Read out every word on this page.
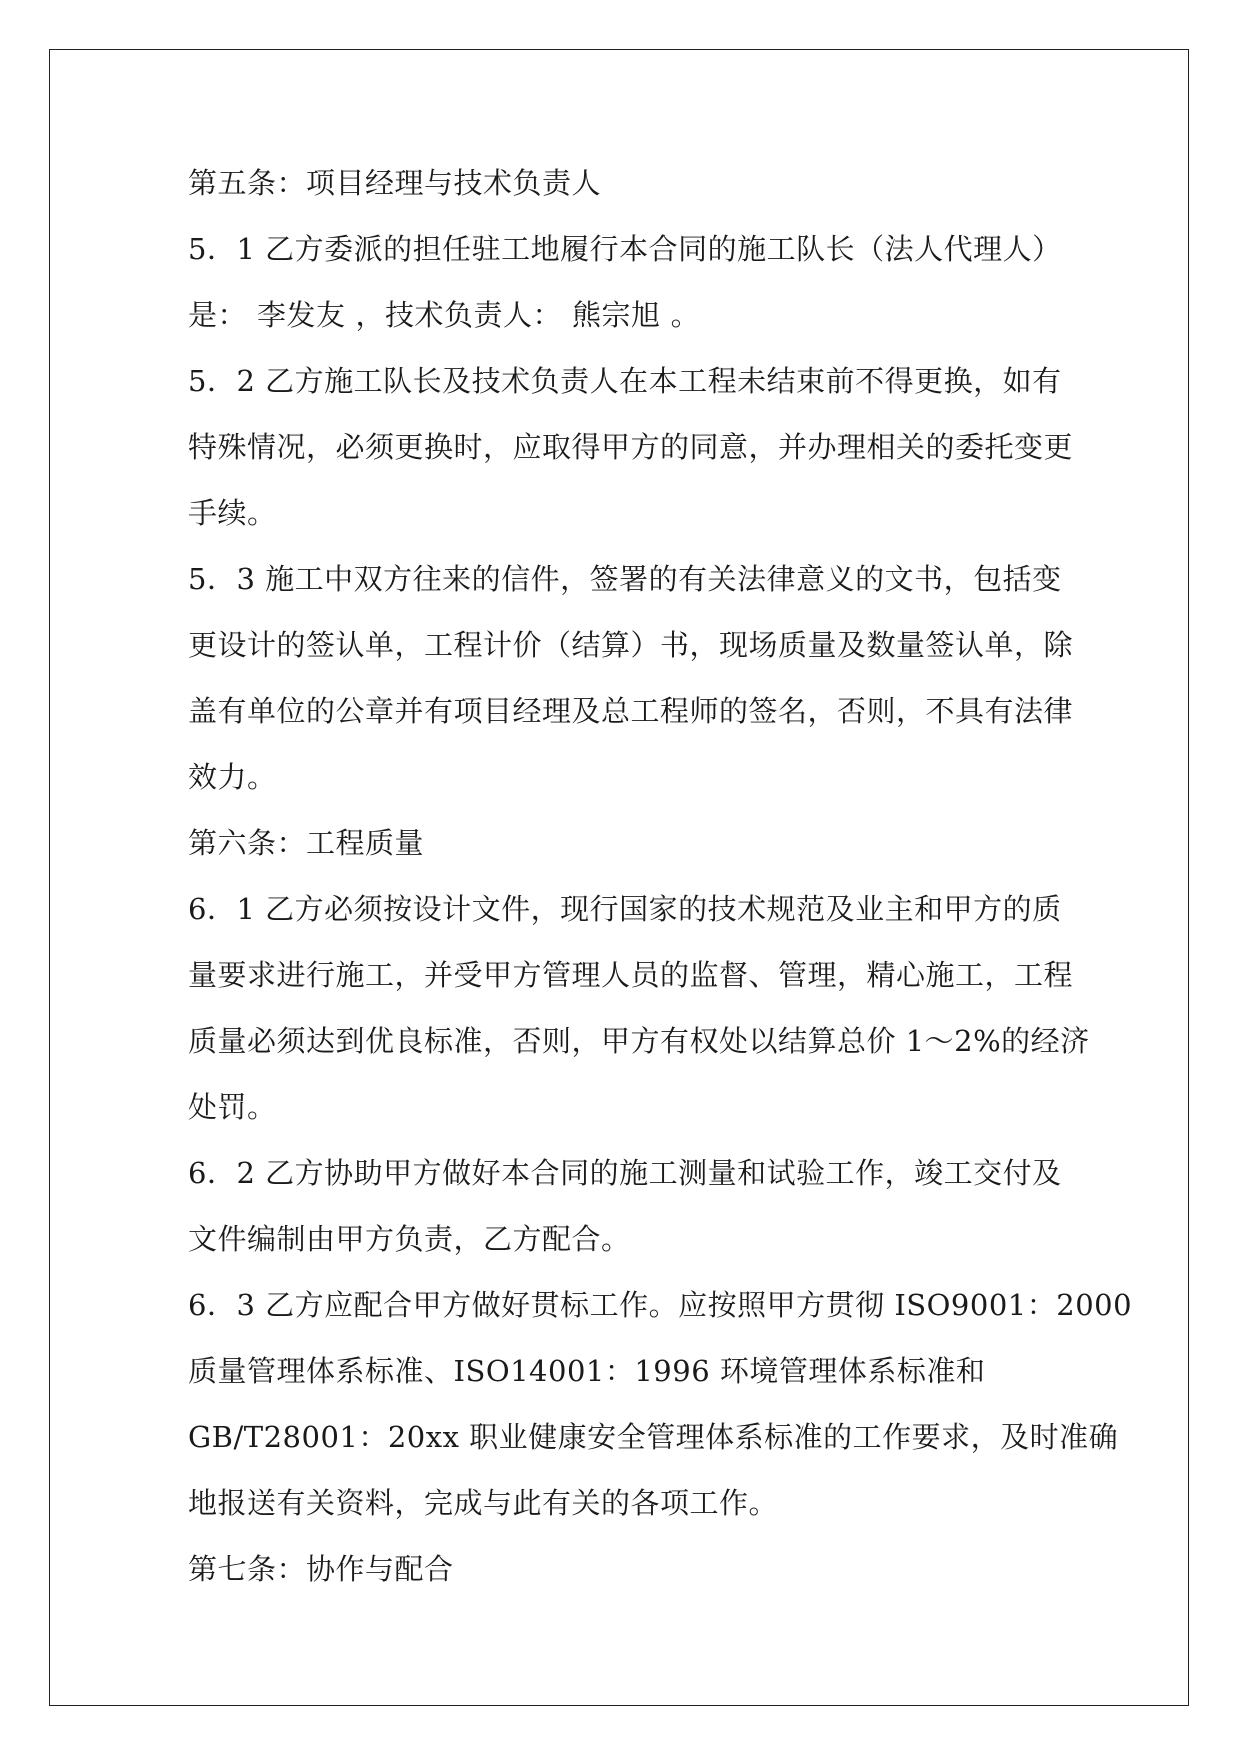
第五条：项目经理与技术负责人
5．1 乙方委派的担任驻工地履行本合同的施工队长（法人代理人）
是： 李发友 ，技术负责人： 熊宗旭 。
5．2 乙方施工队长及技术负责人在本工程未结束前不得更换，如有
特殊情况，必须更换时，应取得甲方的同意，并办理相关的委托变更
手续。
5．3 施工中双方往来的信件，签署的有关法律意义的文书，包括变
更设计的签认单，工程计价（结算）书，现场质量及数量签认单，除
盖有单位的公章并有项目经理及总工程师的签名，否则，不具有法律
效力。
第六条：工程质量
6．1 乙方必须按设计文件，现行国家的技术规范及业主和甲方的质
量要求进行施工，并受甲方管理人员的监督、管理，精心施工，工程
质量必须达到优良标准，否则，甲方有权处以结算总价 1～2%的经济
处罚。
6．2 乙方协助甲方做好本合同的施工测量和试验工作，竣工交付及
文件编制由甲方负责，乙方配合。
6．3 乙方应配合甲方做好贯标工作。应按照甲方贯彻 ISO9001：2000
质量管理体系标准、ISO14001：1996 环境管理体系标准和
GB/T28001：20xx 职业健康安全管理体系标准的工作要求，及时准确
地报送有关资料，完成与此有关的各项工作。
第七条：协作与配合
